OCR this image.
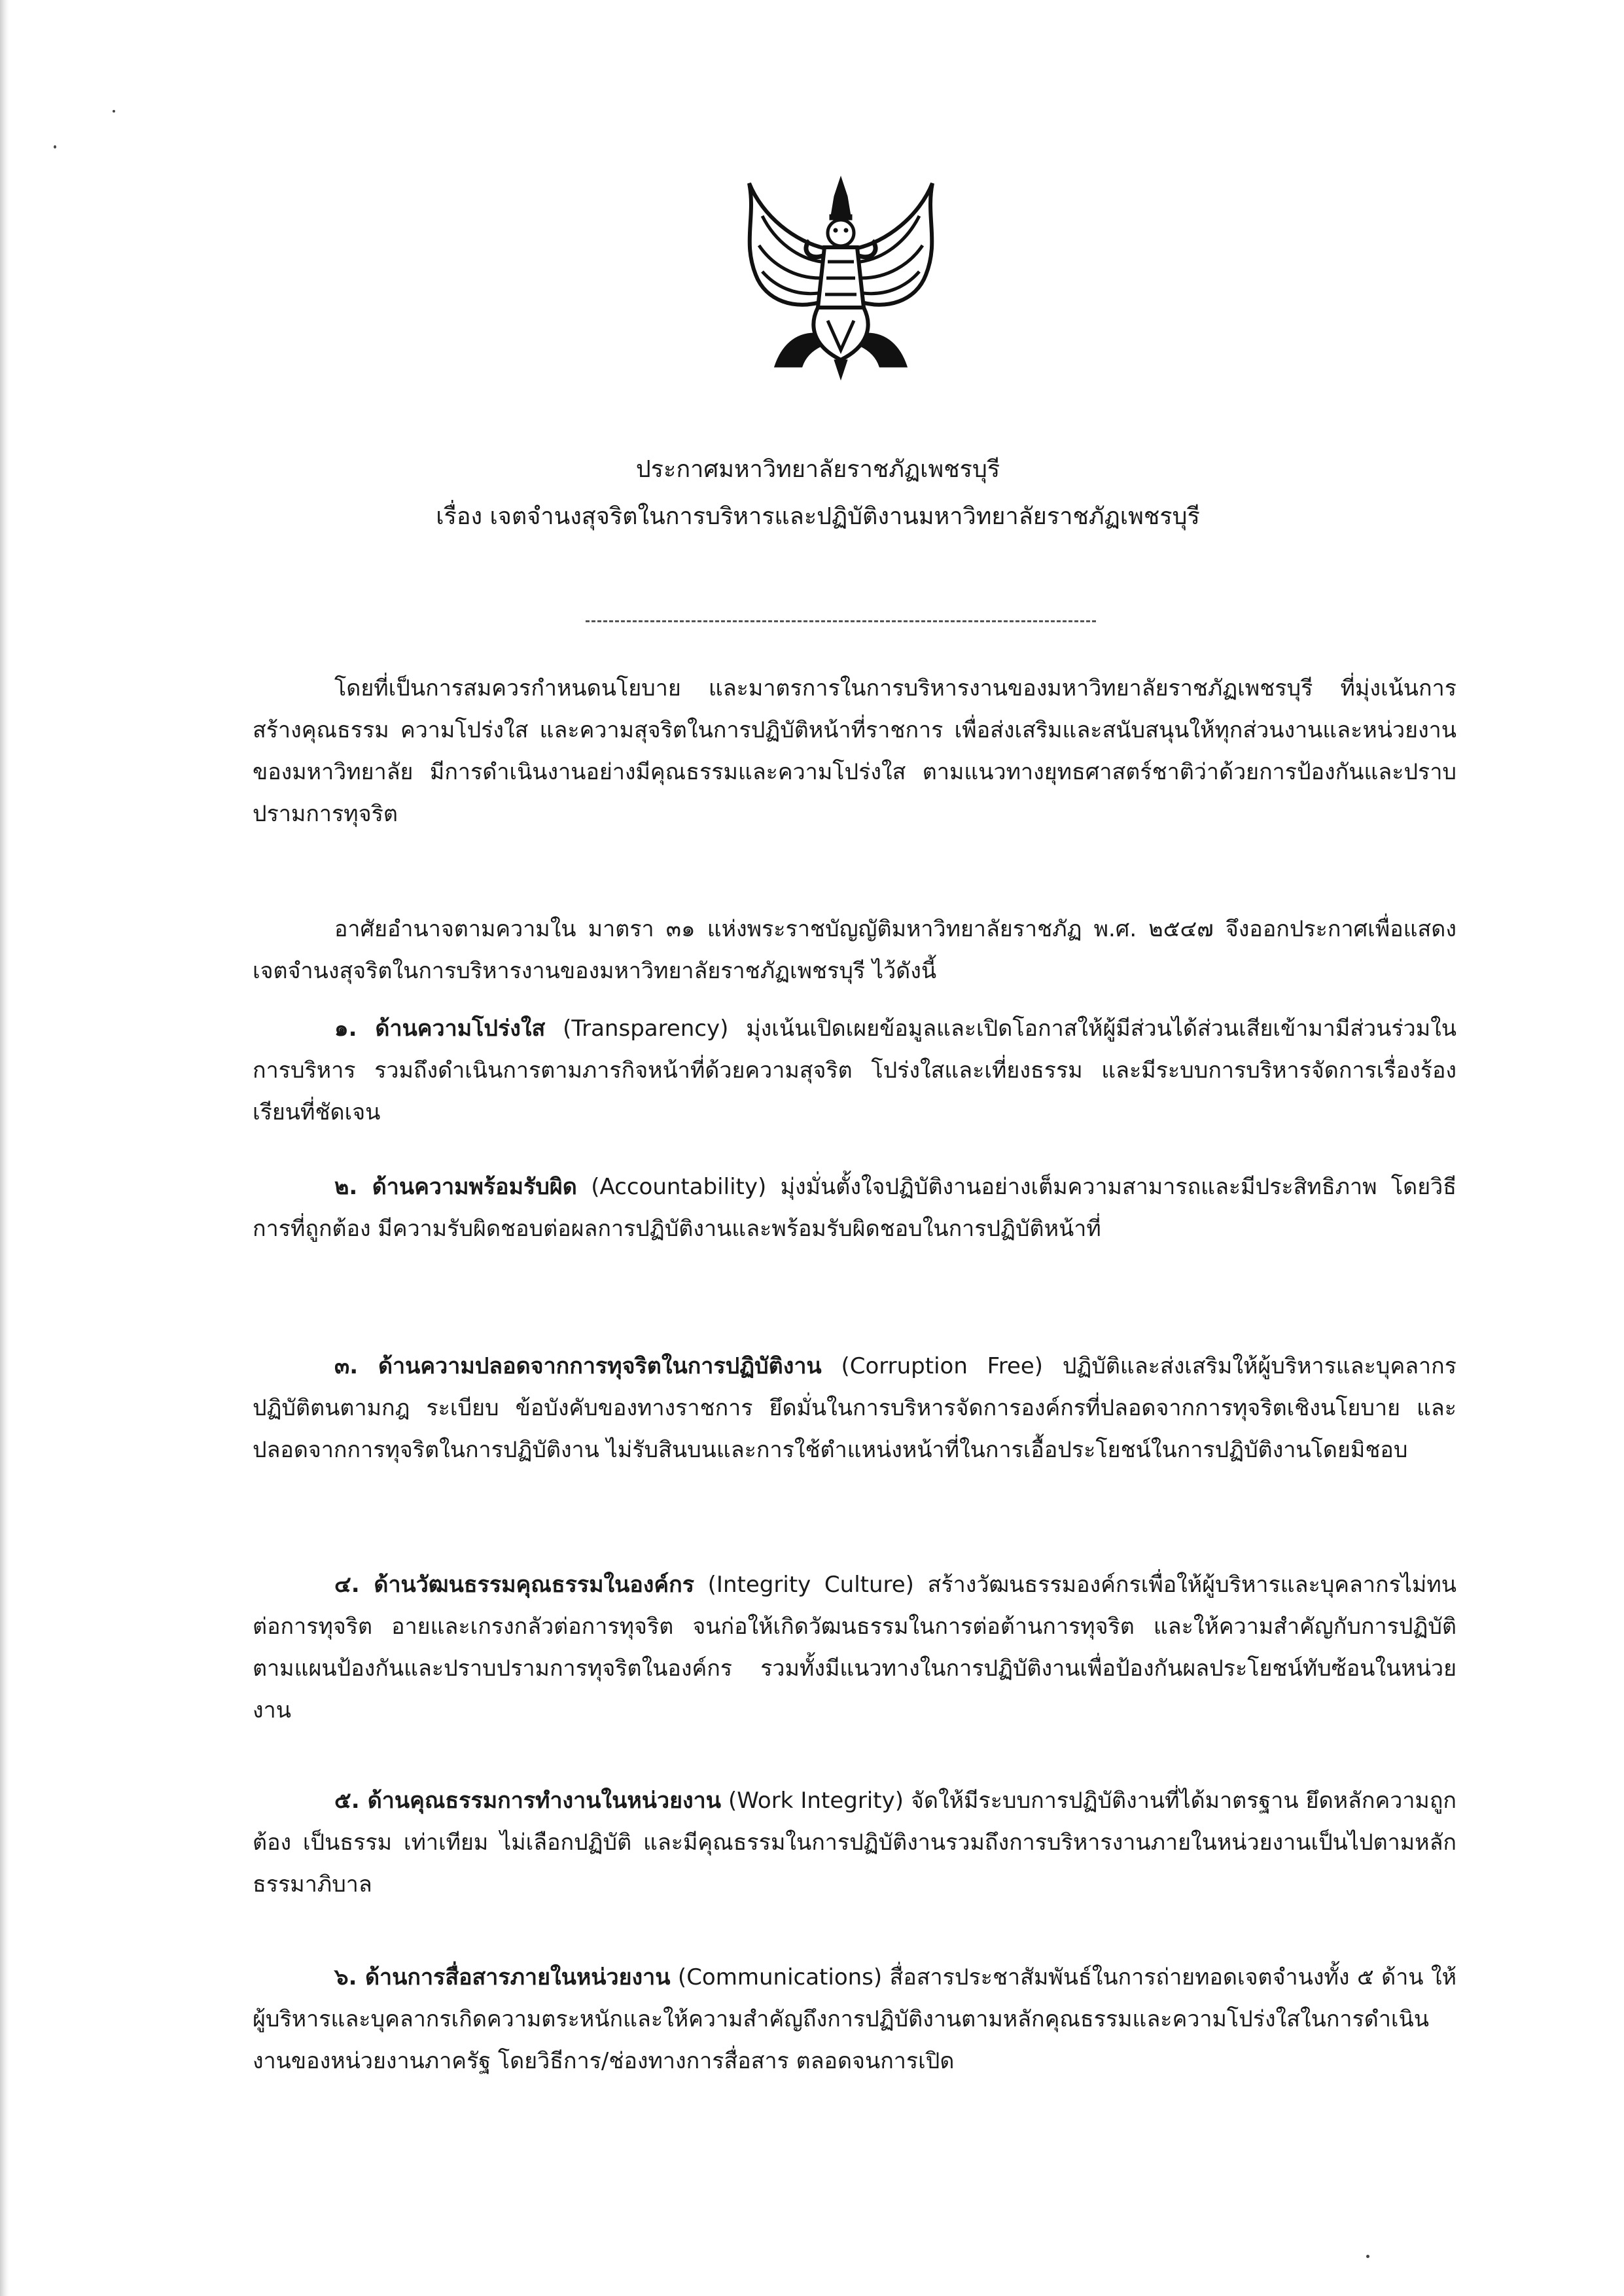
ประกาศมหาวิทยาลัยราชภัฏเพชรบุรี
เรื่อง เจตจำนงสุจริตในการบริหารและปฏิบัติงานมหาวิทยาลัยราชภัฏเพชรบุรี
โดยที่เป็นการสมควรกำหนดนโยบาย และมาตรการในการบริหารงานของมหาวิทยาลัยราชภัฏเพชรบุรี ที่มุ่งเน้นการสร้างคุณธรรม ความโปร่งใส และความสุจริตในการปฏิบัติหน้าที่ราชการ เพื่อส่งเสริมและสนับสนุนให้ทุกส่วนงานและหน่วยงานของมหาวิทยาลัย มีการดำเนินงานอย่างมีคุณธรรมและความโปร่งใส ตามแนวทางยุทธศาสตร์ชาติว่าด้วยการป้องกันและปราบปรามการทุจริต
อาศัยอำนาจตามความใน มาตรา ๓๑ แห่งพระราชบัญญัติมหาวิทยาลัยราชภัฏ พ.ศ. ๒๕๔๗ จึงออกประกาศเพื่อแสดงเจตจำนงสุจริตในการบริหารงานของมหาวิทยาลัยราชภัฏเพชรบุรี ไว้ดังนี้
๑. ด้านความโปร่งใส (Transparency) มุ่งเน้นเปิดเผยข้อมูลและเปิดโอกาสให้ผู้มีส่วนได้ส่วนเสียเข้ามามีส่วนร่วมในการบริหาร รวมถึงดำเนินการตามภารกิจหน้าที่ด้วยความสุจริต โปร่งใสและเที่ยงธรรม และมีระบบการบริหารจัดการเรื่องร้องเรียนที่ชัดเจน
๒. ด้านความพร้อมรับผิด (Accountability) มุ่งมั่นตั้งใจปฏิบัติงานอย่างเต็มความสามารถและมีประสิทธิภาพ โดยวิธีการที่ถูกต้อง มีความรับผิดชอบต่อผลการปฏิบัติงานและพร้อมรับผิดชอบในการปฏิบัติหน้าที่
๓. ด้านความปลอดจากการทุจริตในการปฏิบัติงาน (Corruption Free) ปฏิบัติและส่งเสริมให้ผู้บริหารและบุคลากรปฏิบัติตนตามกฎ ระเบียบ ข้อบังคับของทางราชการ ยึดมั่นในการบริหารจัดการองค์กรที่ปลอดจากการทุจริตเชิงนโยบาย และปลอดจากการทุจริตในการปฏิบัติงาน ไม่รับสินบนและการใช้ตำแหน่งหน้าที่ในการเอื้อประโยชน์ในการปฏิบัติงานโดยมิชอบ
๔. ด้านวัฒนธรรมคุณธรรมในองค์กร (Integrity Culture) สร้างวัฒนธรรมองค์กรเพื่อให้ผู้บริหารและบุคลากรไม่ทนต่อการทุจริต อายและเกรงกลัวต่อการทุจริต จนก่อให้เกิดวัฒนธรรมในการต่อต้านการทุจริต และให้ความสำคัญกับการปฏิบัติตามแผนป้องกันและปราบปรามการทุจริตในองค์กร รวมทั้งมีแนวทางในการปฏิบัติงานเพื่อป้องกันผลประโยชน์ทับซ้อนในหน่วยงาน
๕. ด้านคุณธรรมการทำงานในหน่วยงาน (Work Integrity) จัดให้มีระบบการปฏิบัติงานที่ได้มาตรฐาน ยึดหลักความถูกต้อง เป็นธรรม เท่าเทียม ไม่เลือกปฏิบัติ และมีคุณธรรมในการปฏิบัติงานรวมถึงการบริหารงานภายในหน่วยงานเป็นไปตามหลักธรรมาภิบาล
๖. ด้านการสื่อสารภายในหน่วยงาน (Communications) สื่อสารประชาสัมพันธ์ในการถ่ายทอดเจตจำนงทั้ง ๕ ด้าน ให้ผู้บริหารและบุคลากรเกิดความตระหนักและให้ความสำคัญถึงการปฏิบัติงานตามหลักคุณธรรมและความโปร่งใสในการดำเนินงานของหน่วยงานภาครัฐ โดยวิธีการ/ช่องทางการสื่อสาร ตลอดจนการเปิด
